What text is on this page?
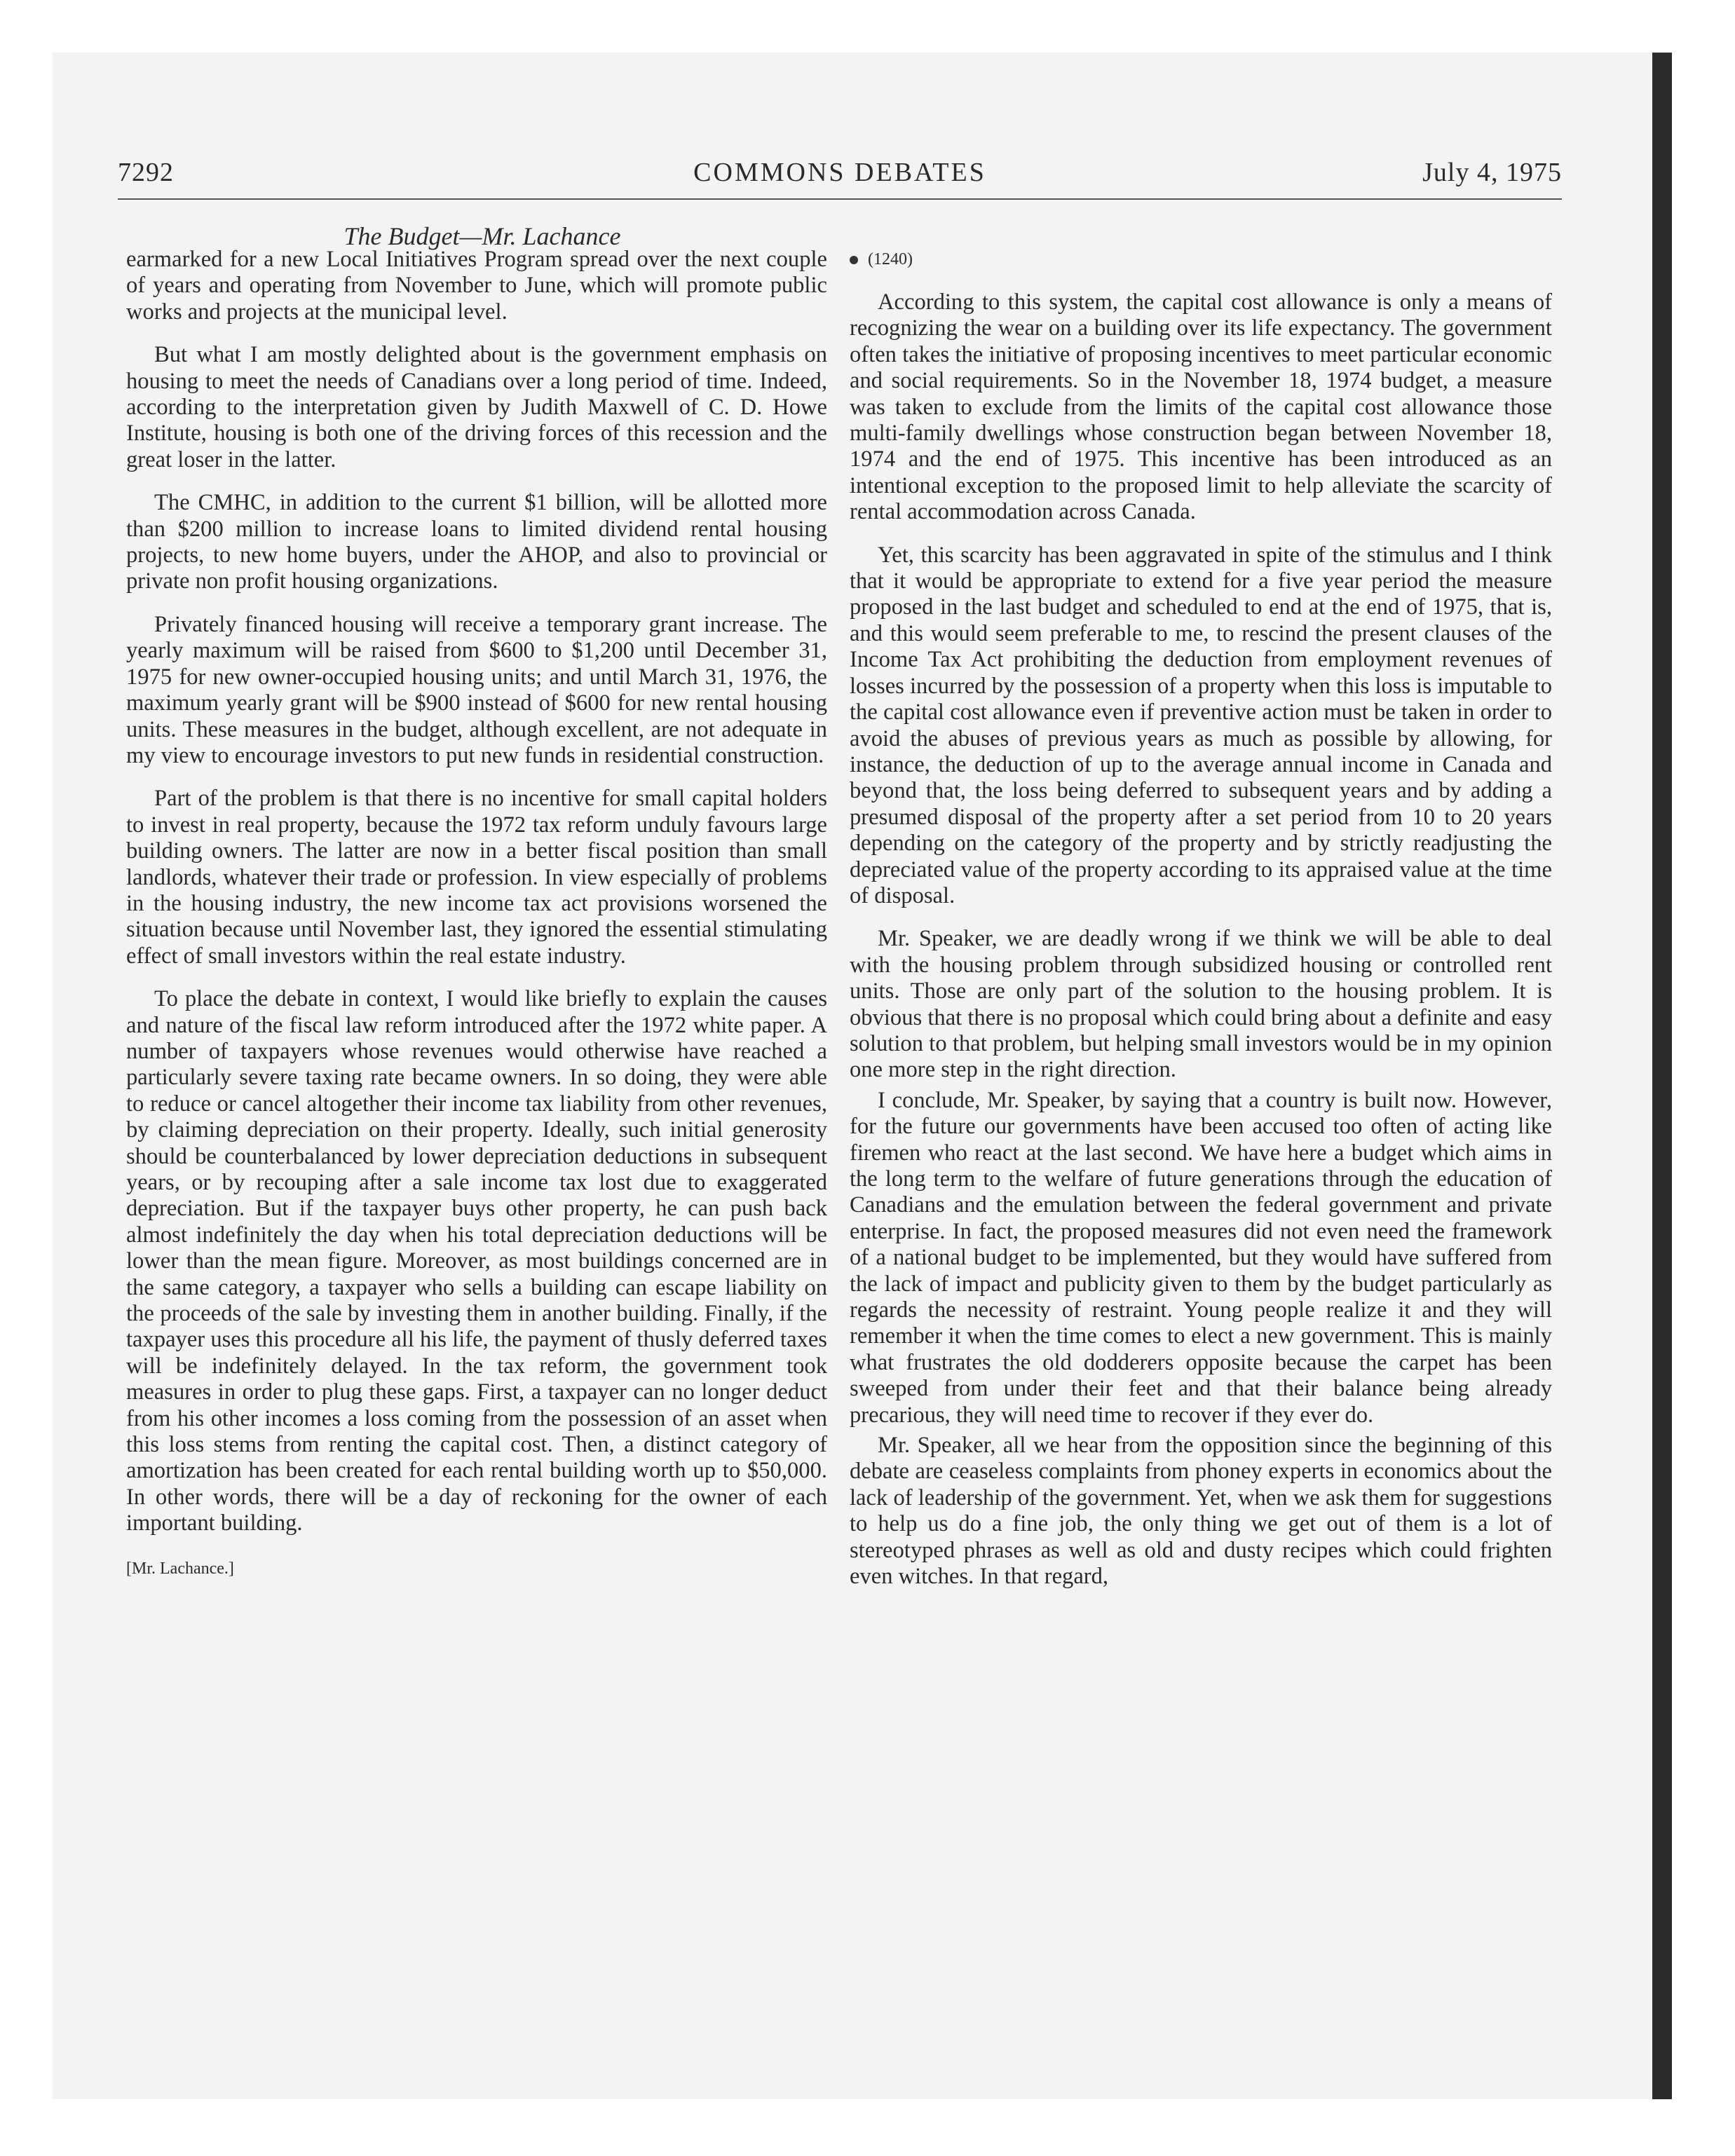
7292	COMMONS DEBATES	July 4, 1975
The Budget—Mr. Lachance

earmarked for a new Local Initiatives Program spread over the next couple of years and operating from November to June, which will promote public works and projects at the municipal level.

But what I am mostly delighted about is the government emphasis on housing to meet the needs of Canadians over a long period of time. Indeed, according to the interpretation given by Judith Maxwell of C. D. Howe Institute, housing is both one of the driving forces of this recession and the great loser in the latter.

The CMHC, in addition to the current $1 billion, will be allotted more than $200 million to increase loans to limited dividend rental housing projects, to new home buyers, under the AHOP, and also to provincial or private non profit housing organizations.

Privately financed housing will receive a temporary grant increase. The yearly maximum will be raised from $600 to $1,200 until December 31, 1975 for new owner-occupied housing units; and until March 31, 1976, the maximum yearly grant will be $900 instead of $600 for new rental housing units. These measures in the budget, although excellent, are not adequate in my view to encourage investors to put new funds in residential construction.

Part of the problem is that there is no incentive for small capital holders to invest in real property, because the 1972 tax reform unduly favours large building owners. The latter are now in a better fiscal position than small landlords, whatever their trade or profession. In view especially of problems in the housing industry, the new income tax act provisions worsened the situation because until November last, they ignored the essential stimulating effect of small investors within the real estate industry.

To place the debate in context, I would like briefly to explain the causes and nature of the fiscal law reform introduced after the 1972 white paper. A number of taxpayers whose revenues would otherwise have reached a particularly severe taxing rate became owners. In so doing, they were able to reduce or cancel altogether their income tax liability from other revenues, by claiming depreciation on their property. Ideally, such initial generosity should be counterbalanced by lower depreciation deductions in subsequent years, or by recouping after a sale income tax lost due to exaggerated depreciation. But if the taxpayer buys other property, he can push back almost indefinitely the day when his total depreciation deductions will be lower than the mean figure. Moreover, as most buildings concerned are in the same category, a taxpayer who sells a building can escape liability on the proceeds of the sale by investing them in another building. Finally, if the taxpayer uses this procedure all his life, the payment of thusly deferred taxes will be indefinitely delayed. In the tax reform, the government took measures in order to plug these gaps. First, a taxpayer can no longer deduct from his other incomes a loss coming from the possession of an asset when this loss stems from renting the capital cost. Then, a distinct category of amortization has been created for each rental building worth up to $50,000. In other words, there will be a day of reckoning for the owner of each important building.

[Mr. Lachance.]
(1240)

According to this system, the capital cost allowance is only a means of recognizing the wear on a building over its life expectancy. The government often takes the initiative of proposing incentives to meet particular economic and social requirements. So in the November 18, 1974 budget, a measure was taken to exclude from the limits of the capital cost allowance those multi-family dwellings whose construction began between November 18, 1974 and the end of 1975. This incentive has been introduced as an intentional exception to the proposed limit to help alleviate the scarcity of rental accommodation across Canada.

Yet, this scarcity has been aggravated in spite of the stimulus and I think that it would be appropriate to extend for a five year period the measure proposed in the last budget and scheduled to end at the end of 1975, that is, and this would seem preferable to me, to rescind the present clauses of the Income Tax Act prohibiting the deduction from employment revenues of losses incurred by the possession of a property when this loss is imputable to the capital cost allowance even if preventive action must be taken in order to avoid the abuses of previous years as much as possible by allowing, for instance, the deduction of up to the average annual income in Canada and beyond that, the loss being deferred to subsequent years and by adding a presumed disposal of the property after a set period from 10 to 20 years depending on the category of the property and by strictly readjusting the depreciated value of the property according to its appraised value at the time of disposal.

Mr. Speaker, we are deadly wrong if we think we will be able to deal with the housing problem through subsidized housing or controlled rent units. Those are only part of the solution to the housing problem. It is obvious that there is no proposal which could bring about a definite and easy solution to that problem, but helping small investors would be in my opinion one more step in the right direction.

I conclude, Mr. Speaker, by saying that a country is built now. However, for the future our governments have been accused too often of acting like firemen who react at the last second. We have here a budget which aims in the long term to the welfare of future generations through the education of Canadians and the emulation between the federal government and private enterprise. In fact, the proposed measures did not even need the framework of a national budget to be implemented, but they would have suffered from the lack of impact and publicity given to them by the budget particularly as regards the necessity of restraint. Young people realize it and they will remember it when the time comes to elect a new government. This is mainly what frustrates the old dodderers opposite because the carpet has been sweeped from under their feet and that their balance being already precarious, they will need time to recover if they ever do.

Mr. Speaker, all we hear from the opposition since the beginning of this debate are ceaseless complaints from phoney experts in economics about the lack of leadership of the government. Yet, when we ask them for suggestions to help us do a fine job, the only thing we get out of them is a lot of stereotyped phrases as well as old and dusty recipes which could frighten even witches. In that regard,
